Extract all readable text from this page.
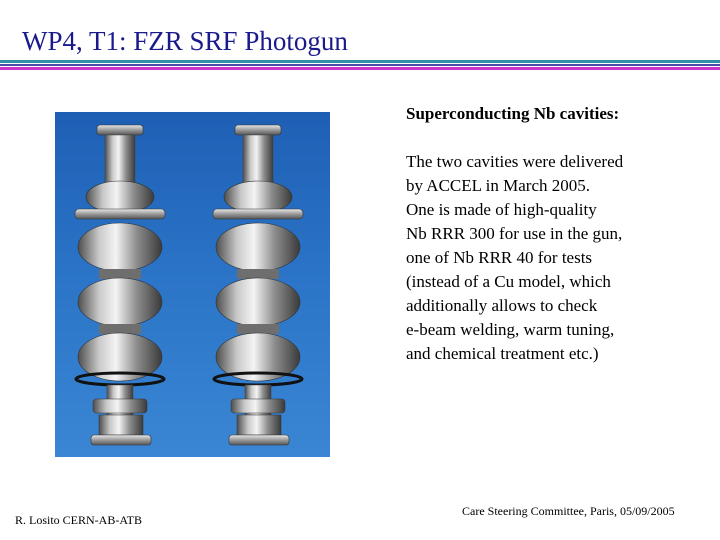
WP4, T1: FZR SRF Photogun
Superconducting Nb cavities:
The two cavities were delivered
by ACCEL in March 2005.
One is made of high-quality
Nb RRR 300 for use in the gun,
one of Nb RRR 40 for tests
(instead of a Cu model, which
additionally allows to check
e-beam welding, warm tuning,
and chemical treatment etc.)
R. Losito CERN-AB-ATB
Care Steering Committee, Paris, 05/09/2005
